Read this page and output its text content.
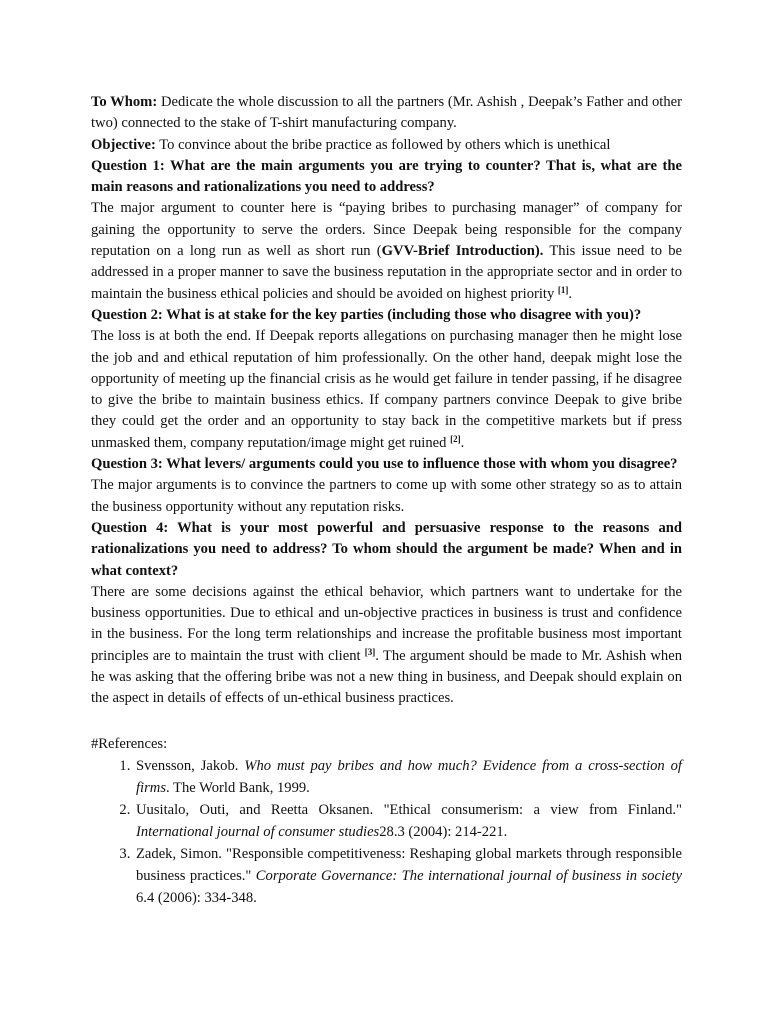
To Whom: Dedicate the whole discussion to all the partners (Mr. Ashish , Deepak’s Father and other two) connected to the stake of T-shirt manufacturing company.

Objective: To convince about the bribe practice as followed by others which is unethical

Question 1: What are the main arguments you are trying to counter? That is, what are the main reasons and rationalizations you need to address?

The major argument to counter here is “paying bribes to purchasing manager” of company for gaining the opportunity to serve the orders. Since Deepak being responsible for the company reputation on a long run as well as short run (GVV-Brief Introduction). This issue need to be addressed in a proper manner to save the business reputation in the appropriate sector and in order to maintain the business ethical policies and should be avoided on highest priority [1].

Question 2: What is at stake for the key parties (including those who disagree with you)?

The loss is at both the end. If Deepak reports allegations on purchasing manager then he might lose the job and and ethical reputation of him professionally. On the other hand, deepak might lose the opportunity of meeting up the financial crisis as he would get failure in tender passing, if he disagree to give the bribe to maintain business ethics. If company partners convince Deepak to give bribe they could get the order and an opportunity to stay back in the competitive markets but if press unmasked them, company reputation/image might get ruined [2].

Question 3: What levers/ arguments could you use to influence those with whom you disagree?

The major arguments is to convince the partners to come up with some other strategy so as to attain the business opportunity without any reputation risks.

Question 4: What is your most powerful and persuasive response to the reasons and rationalizations you need to address? To whom should the argument be made? When and in what context?

There are some decisions against the ethical behavior, which partners want to undertake for the business opportunities. Due to ethical and un-objective practices in business is trust and confidence in the business. For the long term relationships and increase the profitable business most important principles are to maintain the trust with client [3]. The argument should be made to Mr. Ashish when he was asking that the offering bribe was not a new thing in business, and Deepak should explain on the aspect in details of effects of un-ethical business practices.

#References:

1. Svensson, Jakob. Who must pay bribes and how much? Evidence from a cross-section of firms. The World Bank, 1999.
2. Uusitalo, Outi, and Reetta Oksanen. "Ethical consumerism: a view from Finland." International journal of consumer studies28.3 (2004): 214-221.
3. Zadek, Simon. "Responsible competitiveness: Reshaping global markets through responsible business practices." Corporate Governance: The international journal of business in society 6.4 (2006): 334-348.
